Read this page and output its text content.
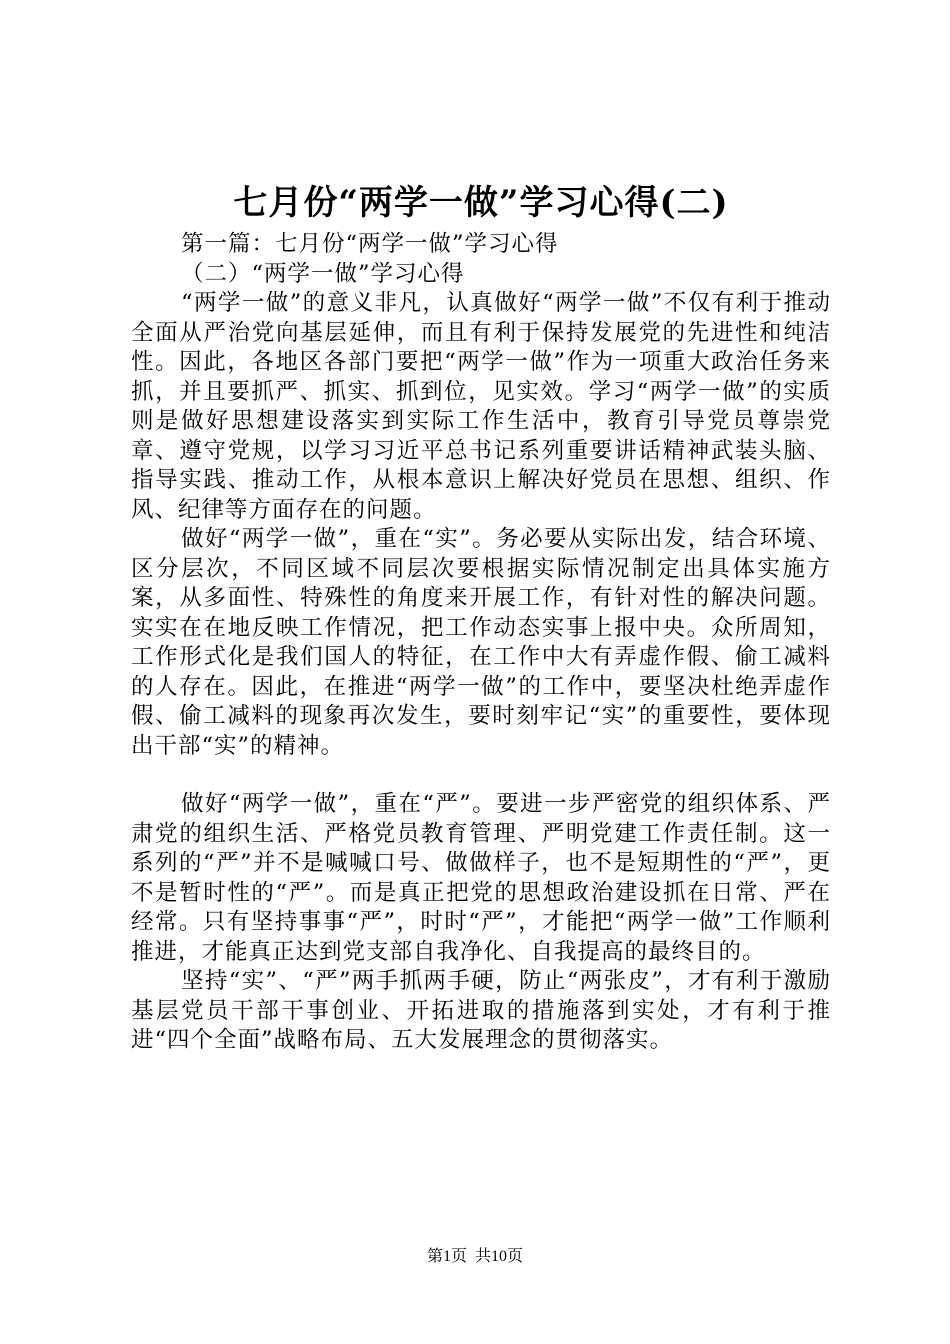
七月份“两学一做”学习心得(二)

第一篇：七月份“两学一做”学习心得

（二）“两学一做”学习心得

“两学一做”的意义非凡，认真做好“两学一做”不仅有利于推动全面从严治党向基层延伸，而且有利于保持发展党的先进性和纯洁性。因此，各地区各部门要把“两学一做”作为一项重大政治任务来抓，并且要抓严、抓实、抓到位，见实效。学习“两学一做”的实质则是做好思想建设落实到实际工作生活中，教育引导党员尊崇党章、遵守党规，以学习习近平总书记系列重要讲话精神武装头脑、指导实践、推动工作，从根本意识上解决好党员在思想、组织、作风、纪律等方面存在的问题。

做好“两学一做”，重在“实”。务必要从实际出发，结合环境、区分层次，不同区域不同层次要根据实际情况制定出具体实施方案，从多面性、特殊性的角度来开展工作，有针对性的解决问题。实实在在地反映工作情况，把工作动态实事上报中央。众所周知，工作形式化是我们国人的特征，在工作中大有弄虚作假、偷工减料的人存在。因此，在推进“两学一做”的工作中，要坚决杜绝弄虚作假、偷工减料的现象再次发生，要时刻牢记“实”的重要性，要体现出干部“实”的精神。

做好“两学一做”，重在“严”。要进一步严密党的组织体系、严肃党的组织生活、严格党员教育管理、严明党建工作责任制。这一系列的“严”并不是喊喊口号、做做样子，也不是短期性的“严”，更不是暂时性的“严”。而是真正把党的思想政治建设抓在日常、严在经常。只有坚持事事“严”，时时“严”，才能把“两学一做”工作顺利推进，才能真正达到党支部自我净化、自我提高的最终目的。

坚持“实”、“严”两手抓两手硬，防止“两张皮”，才有利于激励基层党员干部干事创业、开拓进取的措施落到实处，才有利于推进“四个全面”战略布局、五大发展理念的贯彻落实。

第1页  共10页
